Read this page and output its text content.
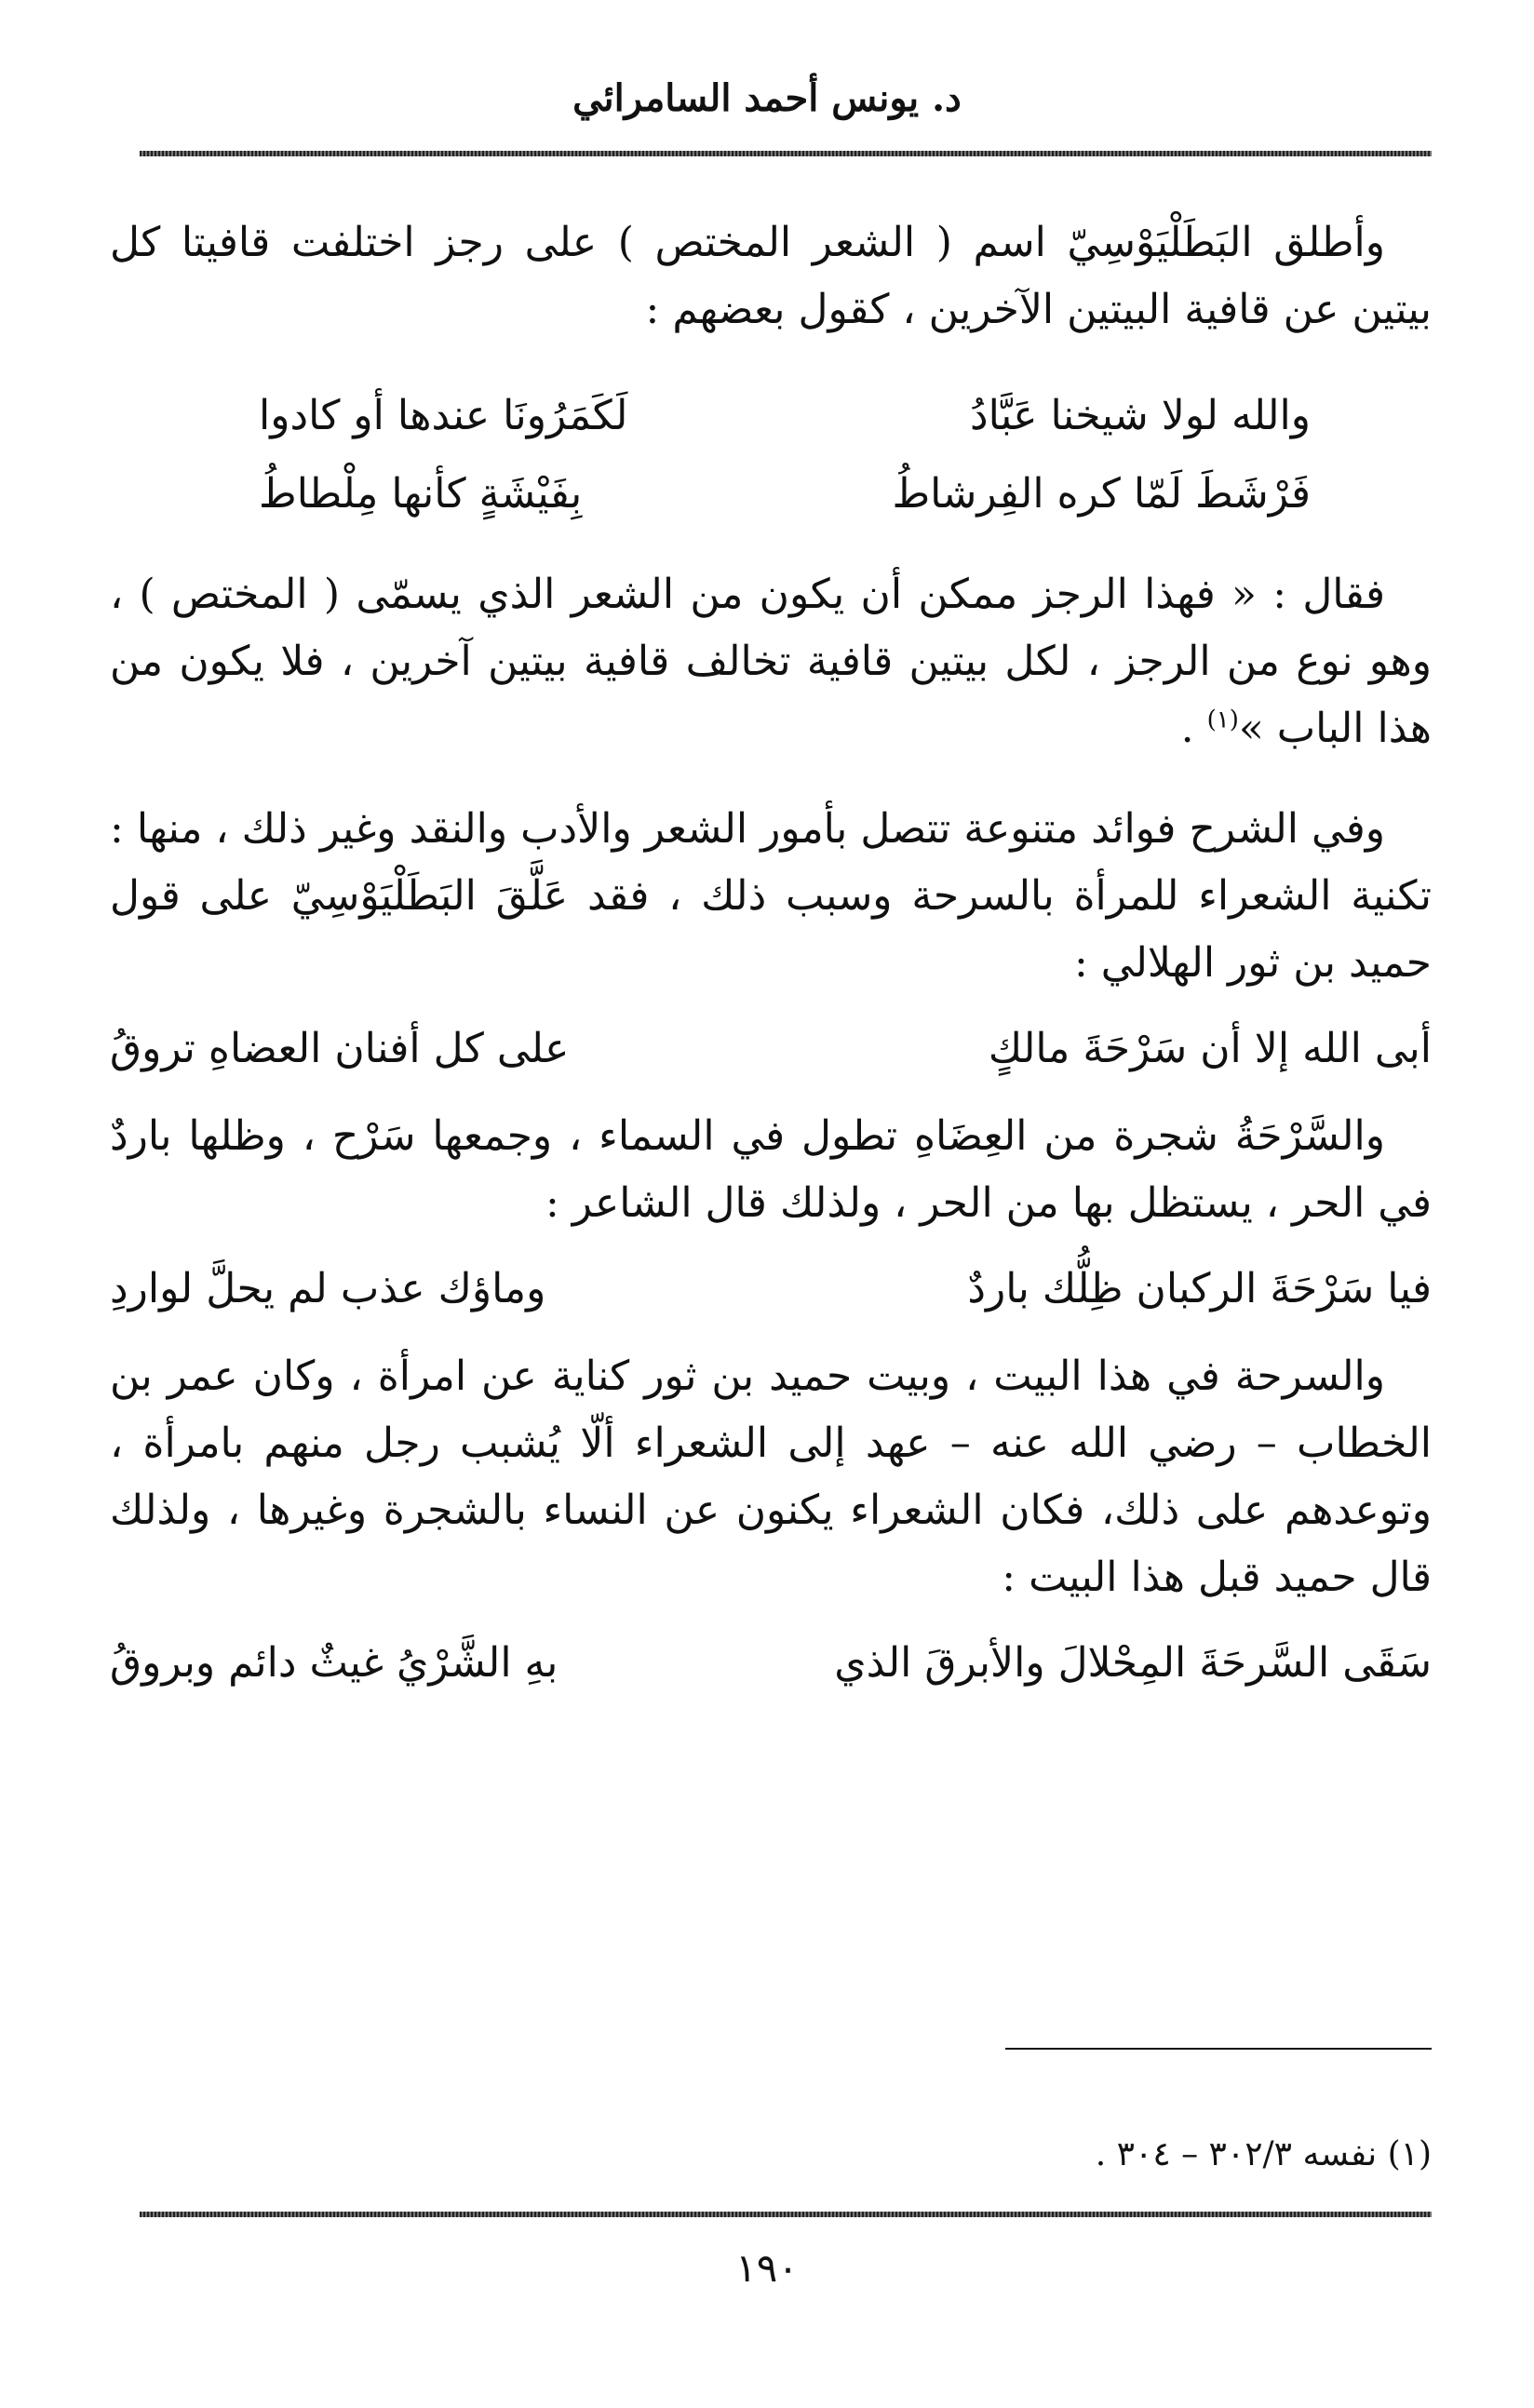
د. يونس أحمد السامرائي

وأطلق البَطَلْيَوْسِيّ اسم ( الشعر المختص ) على رجز اختلفت قافيتا كل بيتين عن قافية البيتين الآخرين ، كقول بعضهم :

والله لولا شيخنا عَبَّادُ
لَكَمَرُونَا عندها أو كادوا
فَرْشَطَ لَمّا كره الفِرشاطُ
بِفَيْشَةٍ كأنها مِلْطاطُ

فقال : « فهذا الرجز ممكن أن يكون من الشعر الذي يسمّى ( المختص ) ، وهو نوع من الرجز ، لكل بيتين قافية تخالف قافية بيتين آخرين ، فلا يكون من هذا الباب »$^{(١)}$ .

وفي الشرح فوائد متنوعة تتصل بأمور الشعر والأدب والنقد وغير ذلك ، منها : تكنية الشعراء للمرأة بالسرحة وسبب ذلك ، فقد عَلَّقَ البَطَلْيَوْسِيّ على قول حميد بن ثور الهلالي :

أبى الله إلا أن سَرْحَةَ مالكٍ
على كل أفنان العضاهِ تروقُ

والسَّرْحَةُ شجرة من العِضَاهِ تطول في السماء ، وجمعها سَرْح ، وظلها باردٌ في الحر ، يستظل بها من الحر ، ولذلك قال الشاعر :

فيا سَرْحَةَ الركبان ظِلُّك باردٌ
وماؤك عذب لم يحلَّ لواردِ

والسرحة في هذا البيت ، وبيت حميد بن ثور كناية عن امرأة ، وكان عمر بن الخطاب – رضي الله عنه – عهد إلى الشعراء ألّا يُشبب رجل منهم بامرأة ، وتوعدهم على ذلك، فكان الشعراء يكنون عن النساء بالشجرة وغيرها ، ولذلك قال حميد قبل هذا البيت :

سَقَى السَّرحَةَ المِحْلالَ والأبرقَ الذي
بهِ الشَّرْيُ غيثٌ دائم وبروقُ
(١) نفسه ٣٠٢/٣ – ٣٠٤ .
١٩٠
